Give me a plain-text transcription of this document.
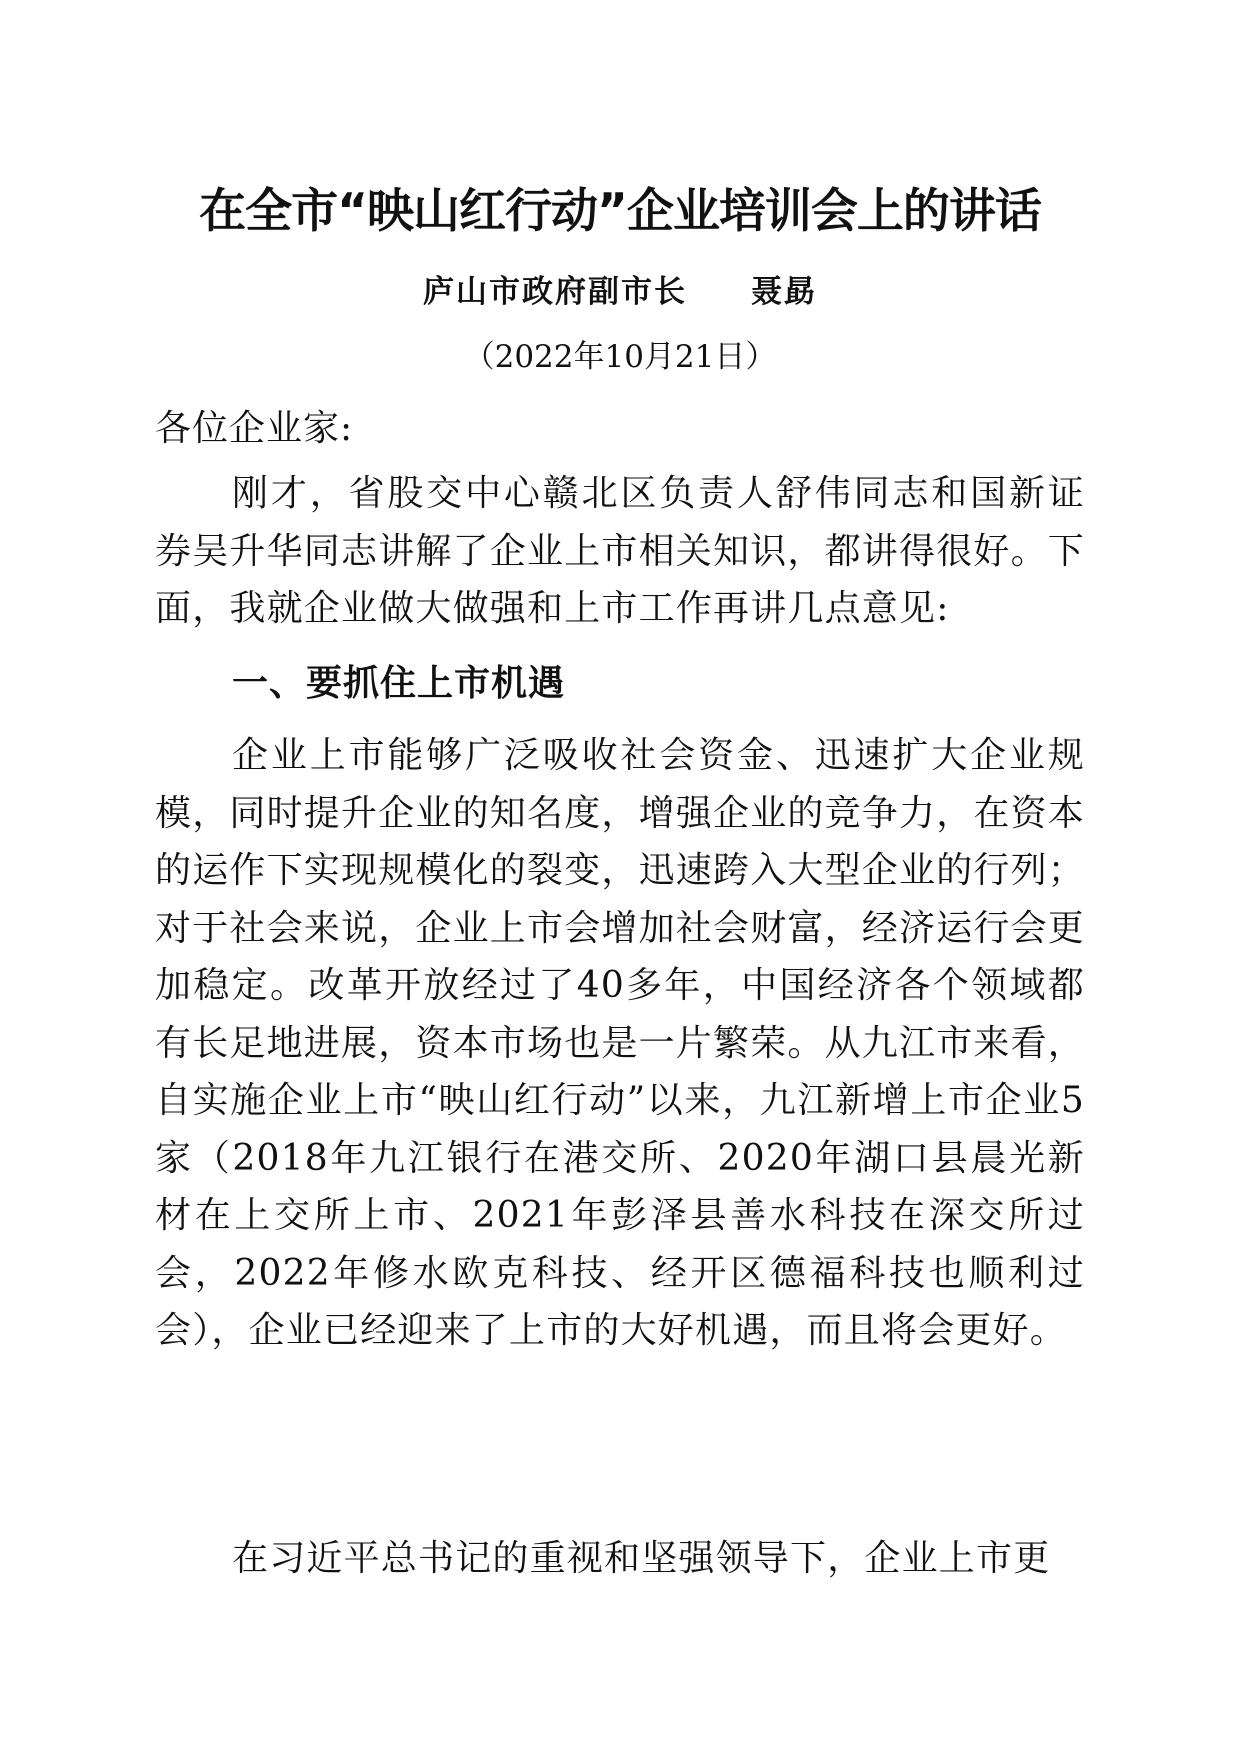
在全市“映山红行动”企业培训会上的讲话
庐山市政府副市长     聂勗
（2022年10月21日）
各位企业家:
刚才，省股交中心赣北区负责人舒伟同志和国新证券吴升华同志讲解了企业上市相关知识，都讲得很好。下面，我就企业做大做强和上市工作再讲几点意见:
一、要抓住上市机遇
企业上市能够广泛吸收社会资金、迅速扩大企业规模，同时提升企业的知名度，增强企业的竞争力，在资本的运作下实现规模化的裂变，迅速跨入大型企业的行列；对于社会来说，企业上市会增加社会财富，经济运行会更加稳定。改革开放经过了40多年，中国经济各个领域都有长足地进展，资本市场也是一片繁荣。从九江市来看，自实施企业上市“映山红行动”以来，九江新增上市企业5家（2018年九江银行在港交所、2020年湖口县晨光新材在上交所上市、2021年彭泽县善水科技在深交所过会，2022年修水欧克科技、经开区德福科技也顺利过会），企业已经迎来了上市的大好机遇，而且将会更好。
在习近平总书记的重视和坚强领导下，企业上市更
